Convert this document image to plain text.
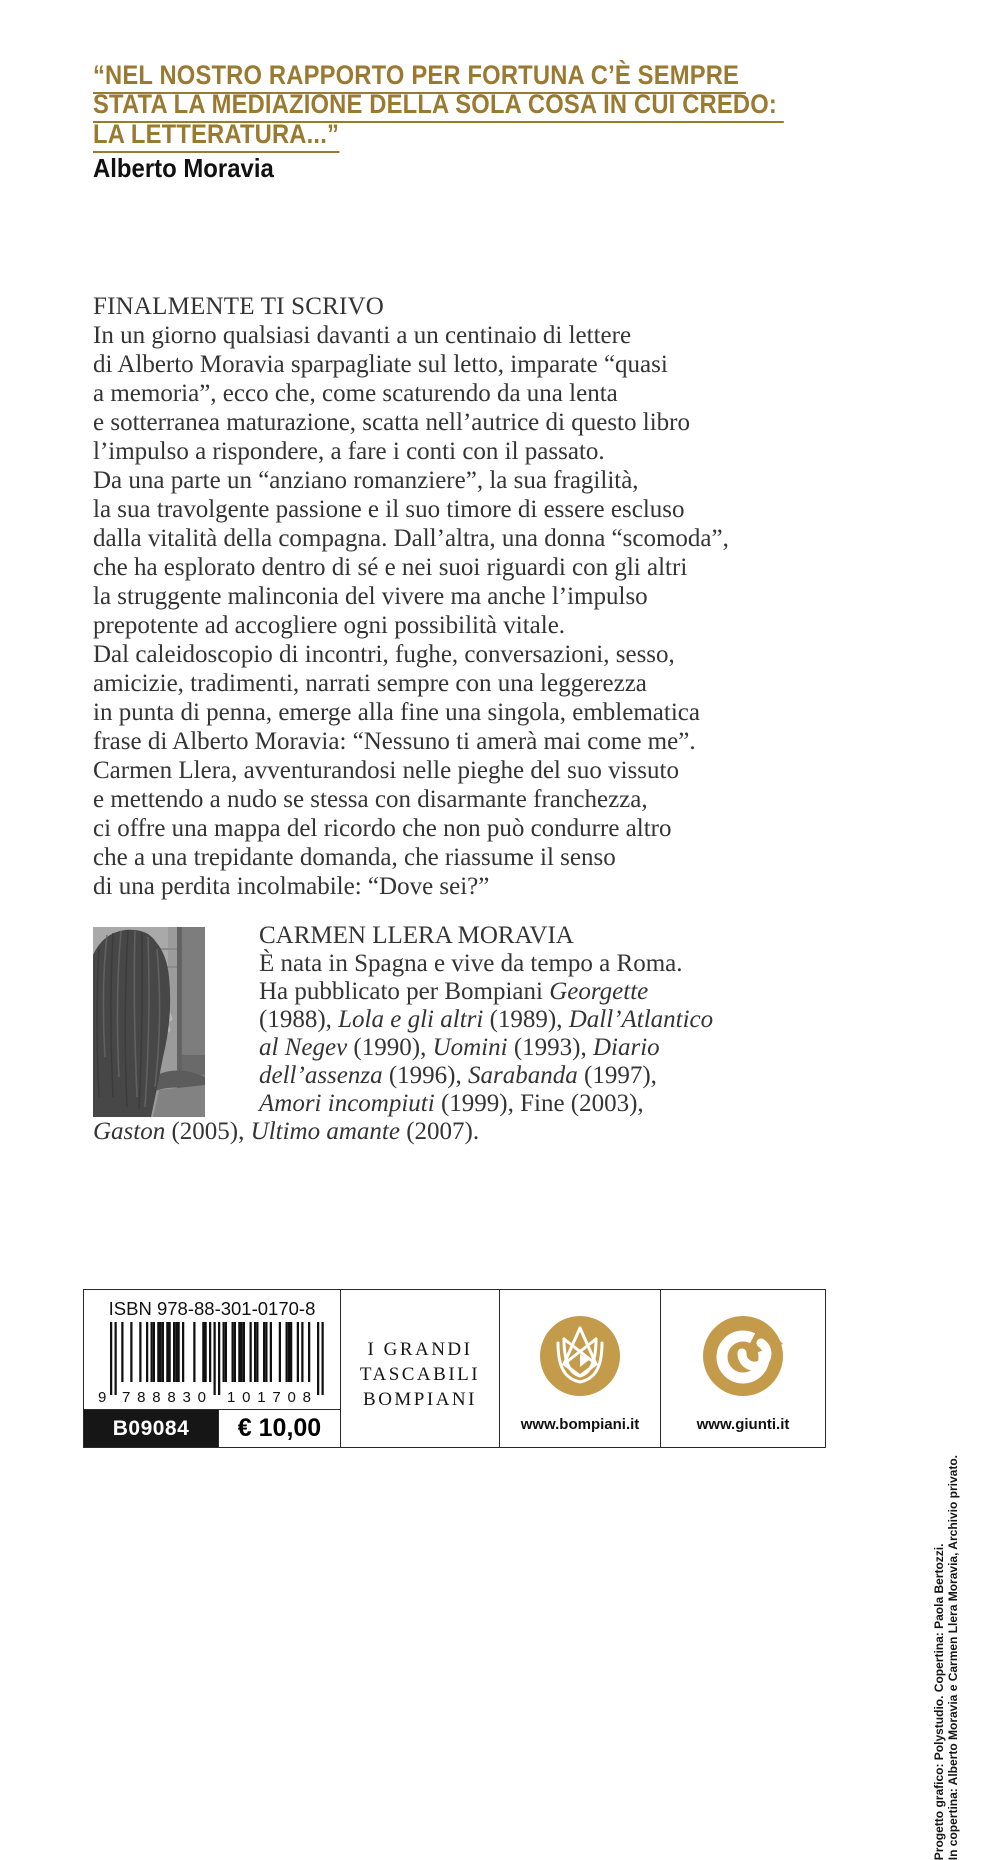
“NEL NOSTRO RAPPORTO PER FORTUNA C’È SEMPRE
STATA LA MEDIAZIONE DELLA SOLA COSA IN CUI CREDO:
LA LETTERATURA...”
Alberto Moravia
FINALMENTE TI SCRIVO
In un giorno qualsiasi davanti a un centinaio di lettere
di Alberto Moravia sparpagliate sul letto, imparate “quasi
a memoria”, ecco che, come scaturendo da una lenta
e sotterranea maturazione, scatta nell’autrice di questo libro
l’impulso a rispondere, a fare i conti con il passato.
Da una parte un “anziano romanziere”, la sua fragilità,
la sua travolgente passione e il suo timore di essere escluso
dalla vitalità della compagna. Dall’altra, una donna “scomoda”,
che ha esplorato dentro di sé e nei suoi riguardi con gli altri
la struggente malinconia del vivere ma anche l’impulso
prepotente ad accogliere ogni possibilità vitale.
Dal caleidoscopio di incontri, fughe, conversazioni, sesso,
amicizie, tradimenti, narrati sempre con una leggerezza
in punta di penna, emerge alla fine una singola, emblematica
frase di Alberto Moravia: “Nessuno ti amerà mai come me”.
Carmen Llera, avventurandosi nelle pieghe del suo vissuto
e mettendo a nudo se stessa con disarmante franchezza,
ci offre una mappa del ricordo che non può condurre altro
che a una trepidante domanda, che riassume il senso
di una perdita incolmabile: “Dove sei?”
CARMEN LLERA MORAVIA
È nata in Spagna e vive da tempo a Roma.
Ha pubblicato per Bompiani Georgette
(1988), Lola e gli altri (1989), Dall’Atlantico
al Negev (1990), Uomini (1993), Diario
dell’assenza (1996), Sarabanda (1997),
Amori incompiuti (1999), Fine (2003),
Gaston (2005), Ultimo amante (2007).
ISBN 978-88-301-0170-8
9 788830 101708
B09084	€ 10,00
I GRANDI
TASCABILI
BOMPIANI
www.bompiani.it	www.giunti.it
Progetto grafico: Polystudio. Copertina: Paola Bertozzi. In copertina: Alberto Moravia e Carmen Llera Moravia, Archivio privato.
